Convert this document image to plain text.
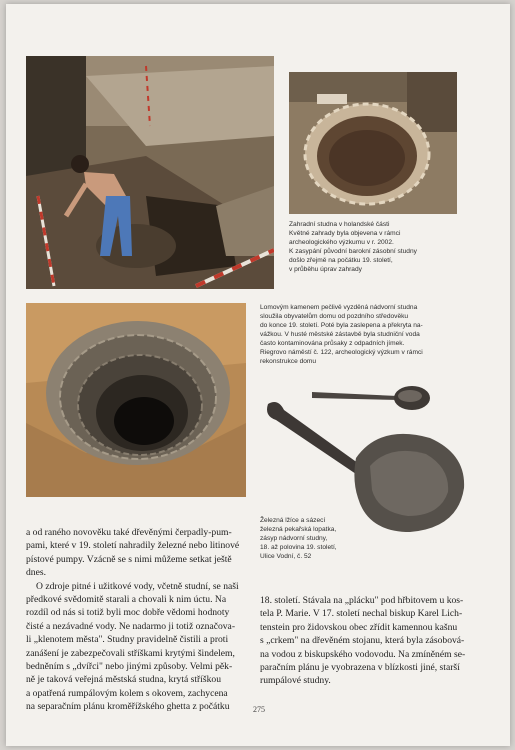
Zahradní studna v holandské části
Květné zahrady byla objevena v rámci
archeologického výzkumu v r. 2002.
K zasypání původní barokní zásobní studny
došlo zřejmě na počátku 19. století,
v průběhu úprav zahrady
Lomovým kamenem pečlivě vyzděná nádvorní studna
sloužila obyvatelům domu od pozdního středověku
do konce 19. století. Poté byla zaslepena a překryta na-
vážkou. V husté městské zástavbě byla studniční voda
často kontaminována průsaky z odpadních jímek.
Riegrovo náměstí č. 122, archeologický výzkum v rámci
rekonstrukce domu
Železná lžíce a sázecí
železná pekařská lopatka,
zásyp nádvorní studny,
18. až polovina 19. století,
Ulice Vodní, č. 52
a od raného novověku také dřevěnými čerpadly-pum-
pami, které v 19. století nahradily železné nebo litinové
pístové pumpy. Vzácně se s nimi můžeme setkat ještě
dnes.
O zdroje pitné i užitkové vody, včetně studní, se naši
předkové svědomitě starali a chovali k nim úctu. Na
rozdíl od nás si totiž byli moc dobře vědomi hodnoty
čisté a nezávadné vody. Ne nadarmo ji totiž označova-
li „klenotem města". Studny pravidelně čistili a proti
zanášení je zabezpečovali stříškami krytými šindelem,
bedněním s „dvířci" nebo jinými způsoby. Velmi pěk-
ně je taková veřejná městská studna, krytá stříškou
a opatřená rumpálovým kolem s okovem, zachycena
na separačním plánu kroměřížského ghetta z počátku
18. století. Stávala na „plácku" pod hřbitovem u kos-
tela P. Marie. V 17. století nechal biskup Karel Lich-
tenstein pro židovskou obec zřídit kamennou kašnu
s „crkem" na dřevěném stojanu, která byla zásobová-
na vodou z biskupského vodovodu. Na zmíněném se-
paračním plánu je vyobrazena v blízkosti jiné, starší
rumpálové studny.
275
